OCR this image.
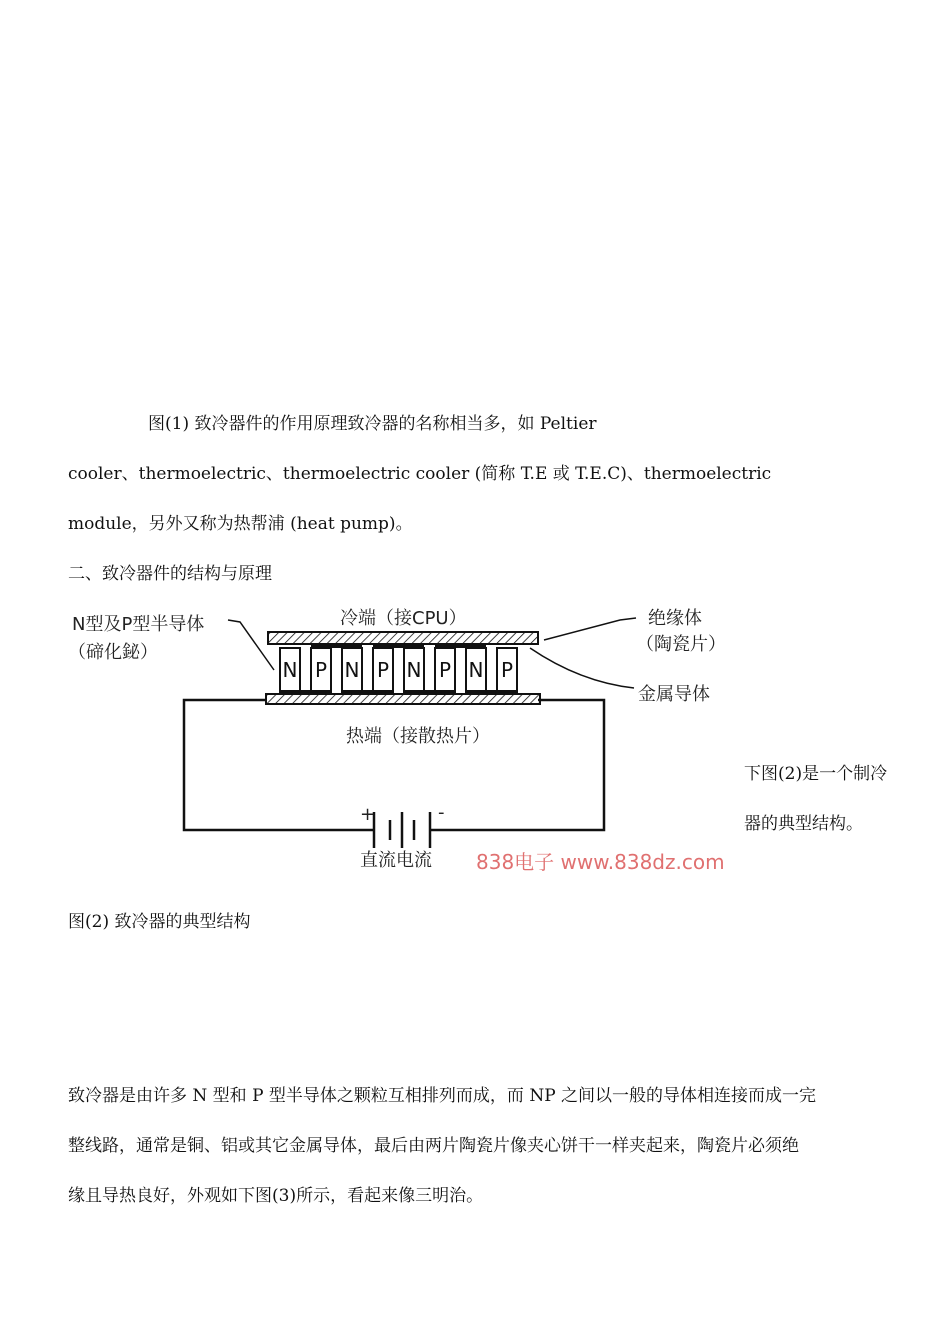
图(1) 致冷器件的作用原理致冷器的名称相当多，如 Peltier

cooler、thermoelectric、thermoelectric cooler (简称 T.E 或 T.E.C)、thermoelectric

module，另外又称为热帮浦 (heat pump)。

二、致冷器件的结构与原理

N P N P N P N P
N型及P型半导体
（碲化鉍）
冷端（接CPU）	绝缘体
（陶瓷片）
金属导体
热端（接散热片）
+	-
直流电流 838电子 www.838dz.com

下图(2)是一个制冷

器的典型结构。

图(2) 致冷器的典型结构

致冷器是由许多 N 型和 P 型半导体之颗粒互相排列而成，而 NP 之间以一般的导体相连接而成一完

整线路，通常是铜、铝或其它金属导体，最后由两片陶瓷片像夹心饼干一样夹起来，陶瓷片必须绝

缘且导热良好，外观如下图(3)所示，看起来像三明治。
